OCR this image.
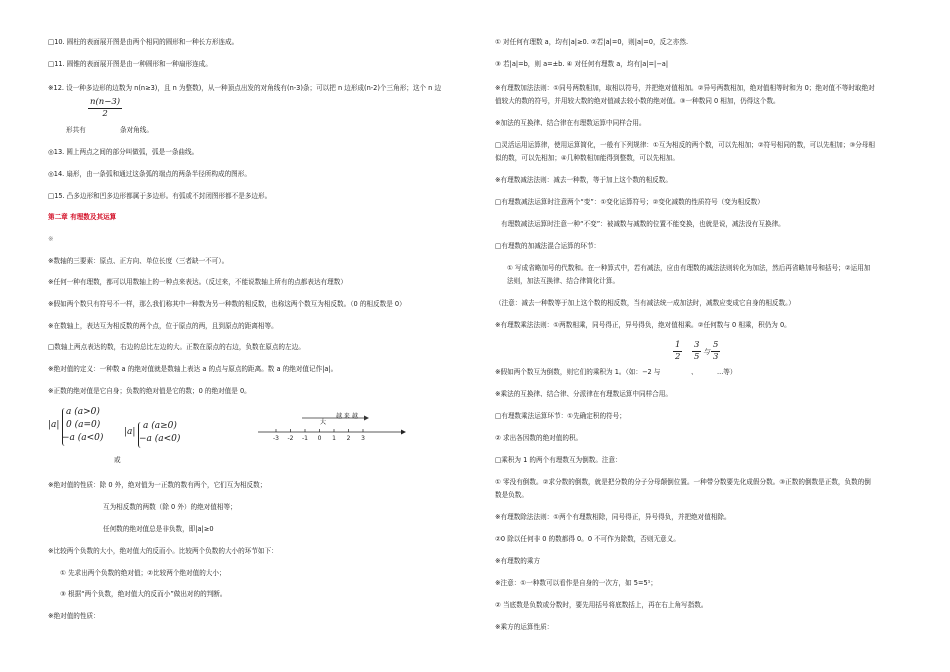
□10. 圆柱的表面展开图是由两个相同的圆形和一种长方形连成。
□11. 圆锥的表面展开图是由一种圆形和一种扇形连成。
※12. 设一种多边形的边数为 n(n≥3)，且 n 为整数)，从一种顶点出发的对角线有(n-3)条；可以把 n 边形成(n-2)个三角形；这个 n 边
$\frac{n(n-3)}{2}$
形共有	条对角线。
◎13. 圆上两点之间的部分叫做弧，弧是一条曲线。
◎14. 扇形，由一条弧和通过这条弧的端点的两条半径所构成的图形。
□15. 凸多边形和凹多边形都属于多边形。有弧或不封闭图形都不是多边形。
第二章 有理数及其运算
※
※数轴的三要素：原点、正方向、单位长度（三者缺一不可）。
※任何一种有理数，都可以用数轴上的一种点来表达。（反过来，不能说数轴上所有的点都表达有理数）
※假如两个数只有符号不一样，那么我们称其中一种数为另一种数的相反数，也称这两个数互为相反数。（0 的相反数是 0）
※在数轴上，表达互为相反数的两个点，位于原点的两，且到原点的距离相等。
□数轴上两点表达的数，右边的总比左边的大。正数在原点的右边，负数在原点的左边。
※绝对值的定义：一种数 a 的绝对值就是数轴上表达 a 的点与原点的距离。数 a 的绝对值记作|a|。
※正数的绝对值是它自身；负数的绝对值是它的数；0 的绝对值是 0。
|a|
a (a>0)
0 (a=0)
−a (a<0)
|a|
a (a≥0)
−a (a<0)
或
-3 -2 -1 0 1 2 3
越 来 越
大
※绝对值的性质：除 0 外，绝对值为一正数的数有两个，它们互为相反数；
互为相反数的两数（除 0 外）的绝对值相等；
任何数的绝对值总是非负数，即|a|≥0
※比较两个负数的大小，绝对值大的反而小。比较两个负数的大小的环节如下：
① 先求出两个负数的绝对值；②比较两个绝对值的大小；
③ 根据“两个负数，绝对值大的反而小”做出对的的判断。
※绝对值的性质：
① 对任何有理数 a，均有|a|≥0. ②若|a|=0，则|a|=0，反之亦然.
③ 若|a|=b，则 a=±b. ④ 对任何有理数 a，均有|a|=|−a|
※有理数加法法则：①同号两数相加，取相以符号，并把绝对值相加。②异号两数相加，绝对值相等时和为 0；绝对值不等时取绝对
值较大的数的符号，并用较大数的绝对值减去较小数的绝对值。③一种数同 0 相加，仍得这个数。
※加法的互换律、结合律在有理数运算中同样合用。
□灵活运用运算律，使用运算简化，一般有下列规律：①互为相反的两个数，可以先相加；②符号相同的数，可以先相加；③分母相
似的数，可以先相加；④几种数相加能得到整数，可以先相加。
※有理数减法法则：减去一种数，等于加上这个数的相反数。
□有理数减法运算时注意两个“变”：①变化运算符号；②变化减数的性质符号（变为相反数）
有理数减法运算时注意一种“不变”：被减数与减数的位置不能变换，也就是说，减法没有互换律。
□有理数的加减法混合运算的环节：
① 写成省略加号的代数和。在一种算式中，若有减法，应由有理数的减法法则转化为加法，然后再省略加号和括号；②运用加
法则，加法互换律、结合律简化计算。
（注意：减去一种数等于加上这个数的相反数，当有减法统一成加法时，减数应变成它自身的相反数。）
※有理数乘法法则：①两数相乘，同号得正，异号得负，绝对值相乘。②任何数与 0 相乘，积仍为 0。
$\frac{1}{2} \frac{3}{5}$ 与 $\frac{5}{3}$
※假如两个数互为倒数，则它们的乘积为 1。（如：−2 与	、	...等）
※乘法的互换律、结合律、分派律在有理数运算中同样合用。
□有理数乘法运算环节：①先确定积的符号；
② 求出各因数的绝对值的积。
□乘积为 1 的两个有理数互为倒数。注意：
① 零没有倒数。②求分数的倒数，就是把分数的分子分母颠倒位置。一种带分数要先化成假分数。③正数的倒数是正数，负数的倒
数是负数。
※有理数除法法则：①两个有理数相除，同号得正，异号得负，并把绝对值相除。
②0 除以任何非 0 的数都得 0。0 不可作为除数，否则无意义。
※有理数的乘方
※注意：①一种数可以看作是自身的一次方，如 5=5¹；
② 当底数是负数或分数时，要先用括号将底数括上，再在右上角写指数。
※乘方的运算性质：
